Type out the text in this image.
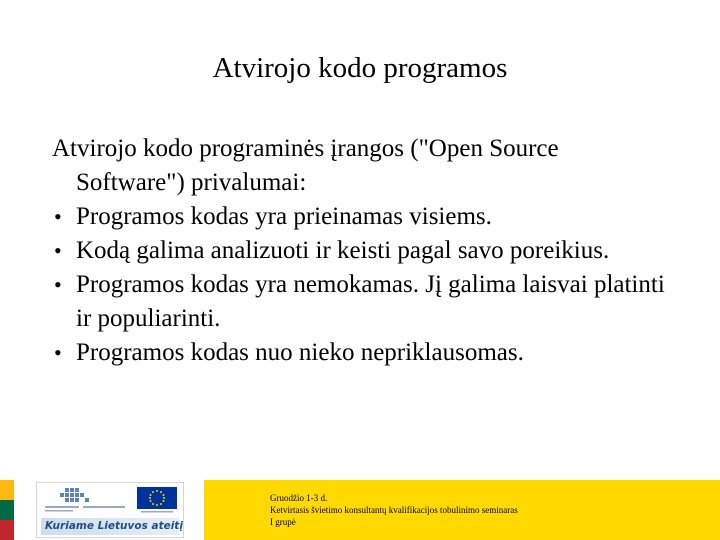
Atvirojo kodo programos

Atvirojo kodo programinės įrangos ("Open Source Software") privalumai:

• Programos kodas yra prieinamas visiems.
• Kodą galima analizuoti ir keisti pagal savo poreikius.
• Programos kodas yra nemokamas. Jį galima laisvai platinti ir populiarinti.
• Programos kodas nuo nieko nepriklausomas.
Kuriame Lietuvos ateitį
Gruodžio 1-3 d.
Ketvirtasis švietimo konsultantų kvalifikacijos tobulinimo seminaras
I grupė
